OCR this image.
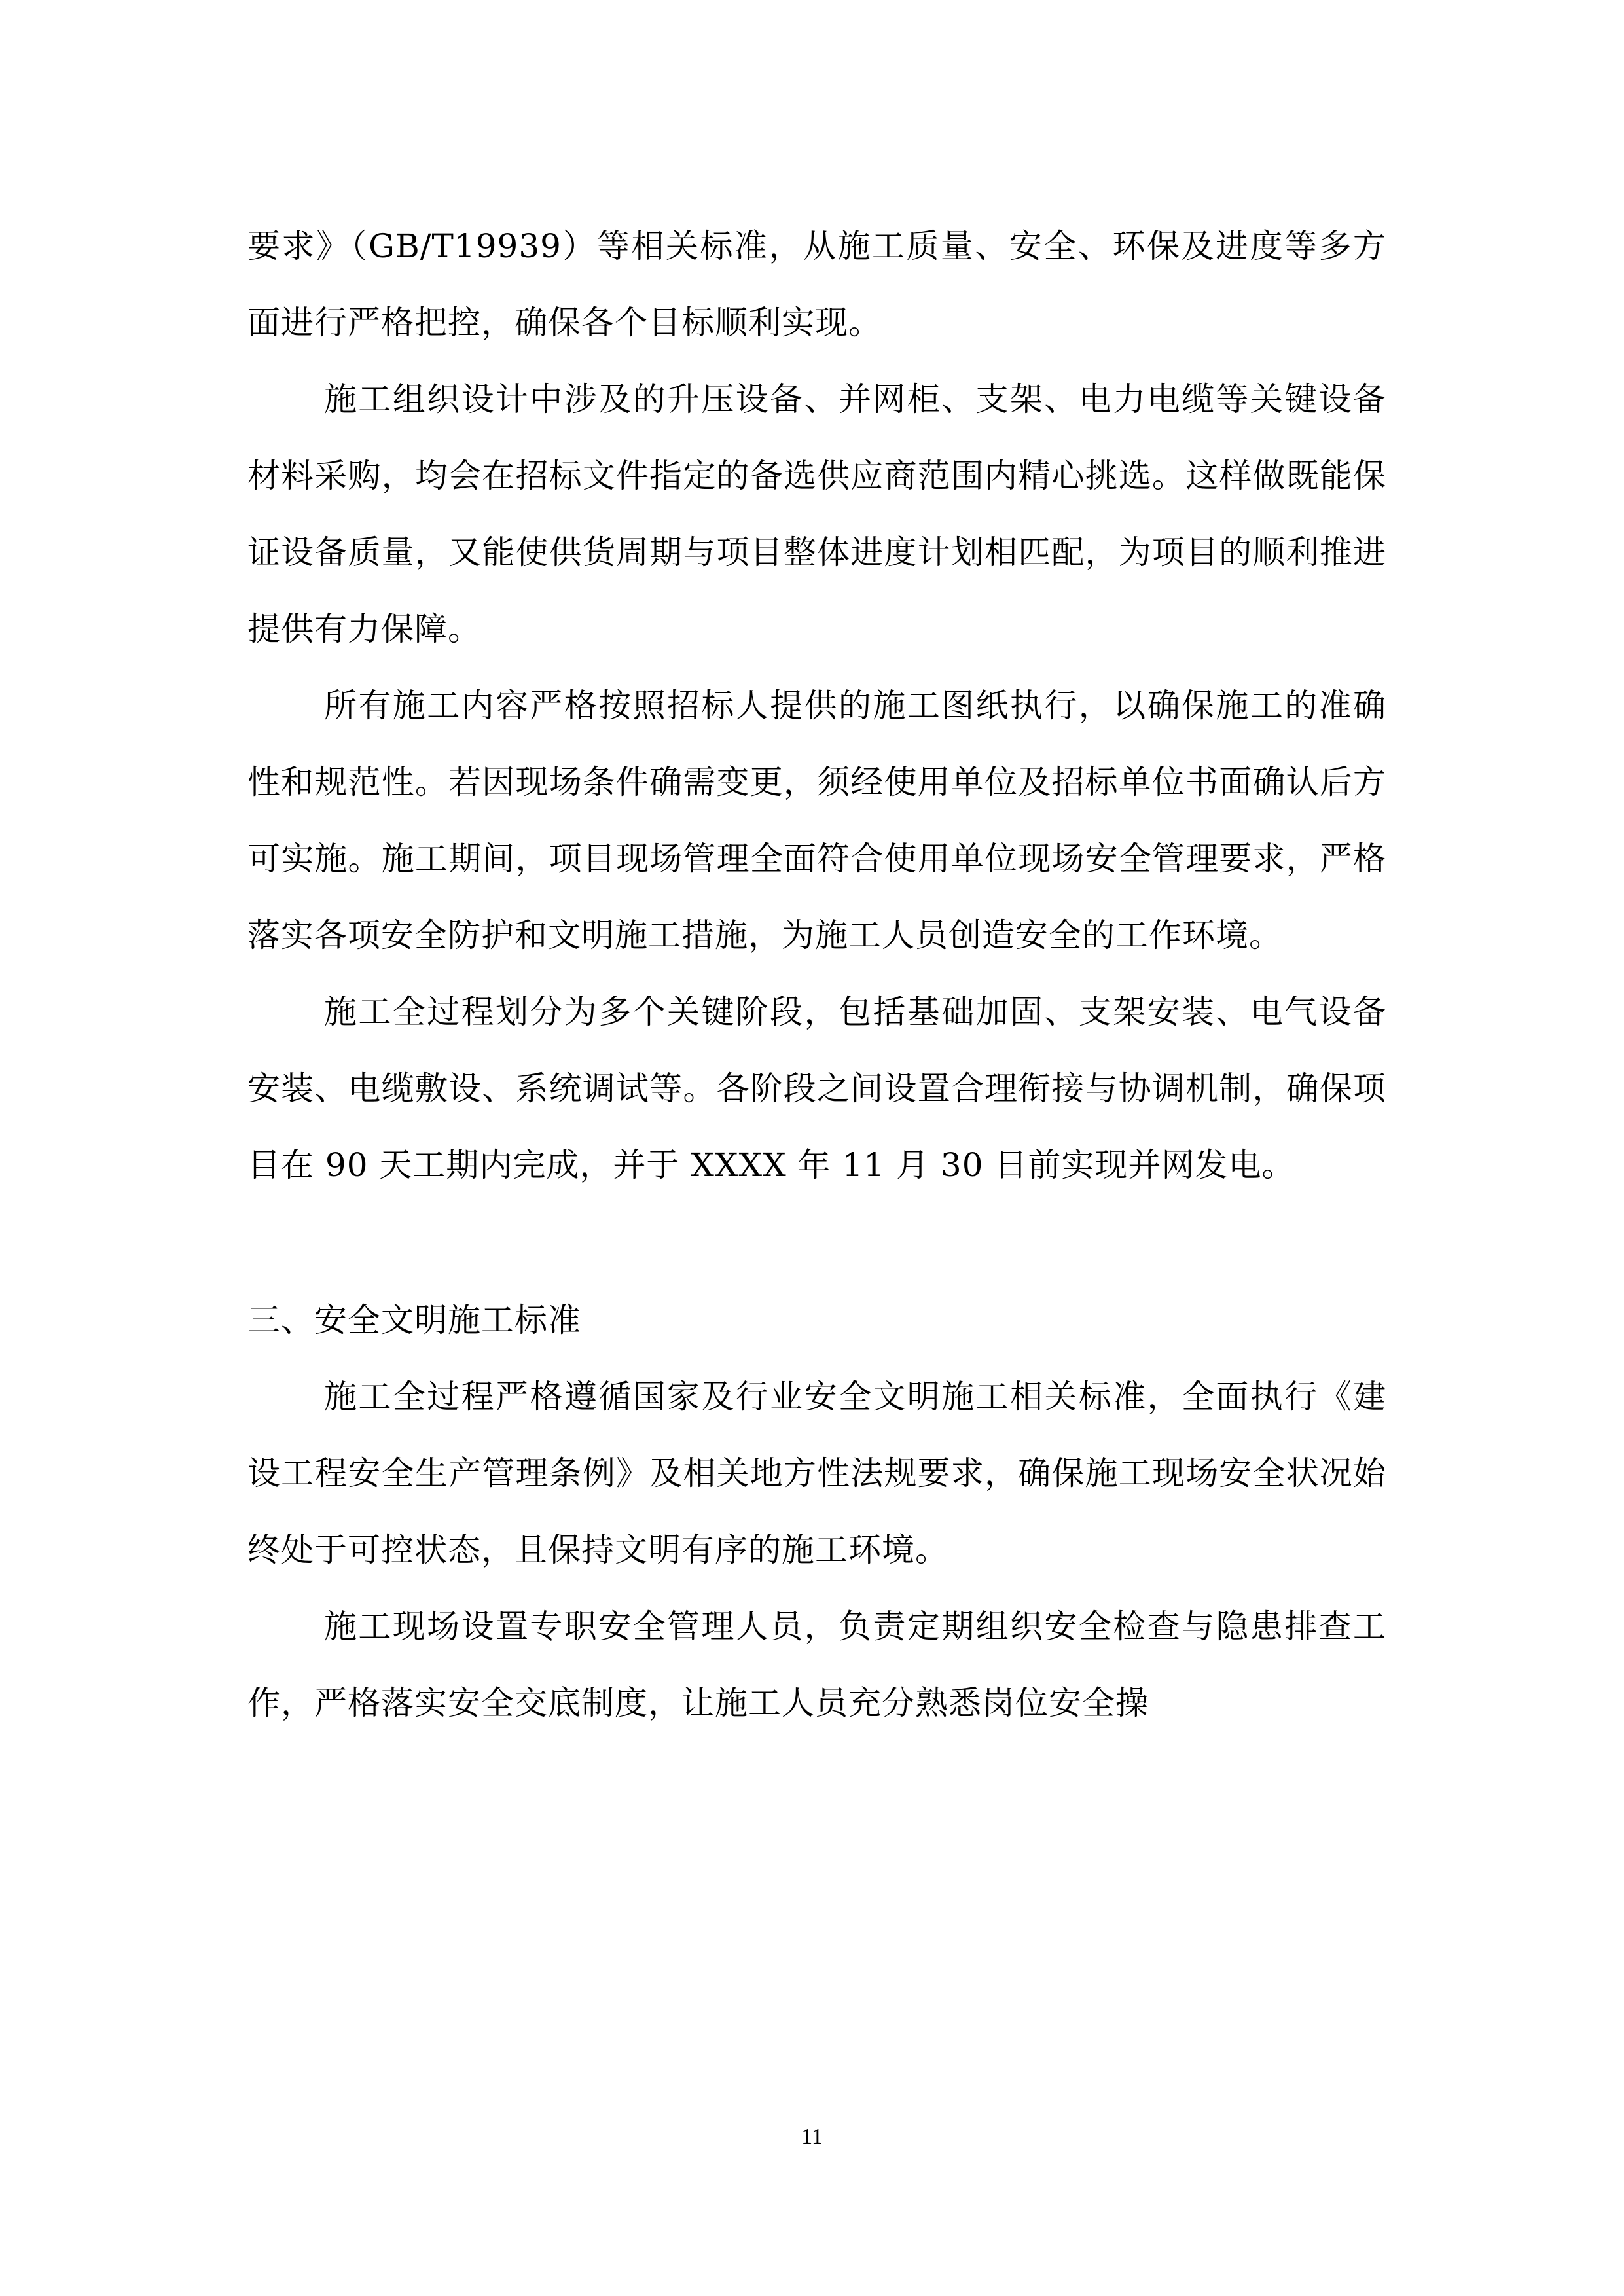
要求》（GB/T19939）等相关标准，从施工质量、安全、环保及进度等多方面进行严格把控，确保各个目标顺利实现。

施工组织设计中涉及的升压设备、并网柜、支架、电力电缆等关键设备材料采购，均会在招标文件指定的备选供应商范围内精心挑选。这样做既能保证设备质量，又能使供货周期与项目整体进度计划相匹配，为项目的顺利推进提供有力保障。

所有施工内容严格按照招标人提供的施工图纸执行，以确保施工的准确性和规范性。若因现场条件确需变更，须经使用单位及招标单位书面确认后方可实施。施工期间，项目现场管理全面符合使用单位现场安全管理要求，严格落实各项安全防护和文明施工措施，为施工人员创造安全的工作环境。

施工全过程划分为多个关键阶段，包括基础加固、支架安装、电气设备安装、电缆敷设、系统调试等。各阶段之间设置合理衔接与协调机制，确保项目在 90 天工期内完成，并于 XXXX 年 11 月 30 日前实现并网发电。

三、安全文明施工标准

施工全过程严格遵循国家及行业安全文明施工相关标准，全面执行《建设工程安全生产管理条例》及相关地方性法规要求，确保施工现场安全状况始终处于可控状态，且保持文明有序的施工环境。

施工现场设置专职安全管理人员，负责定期组织安全检查与隐患排查工作，严格落实安全交底制度，让施工人员充分熟悉岗位安全操

11
